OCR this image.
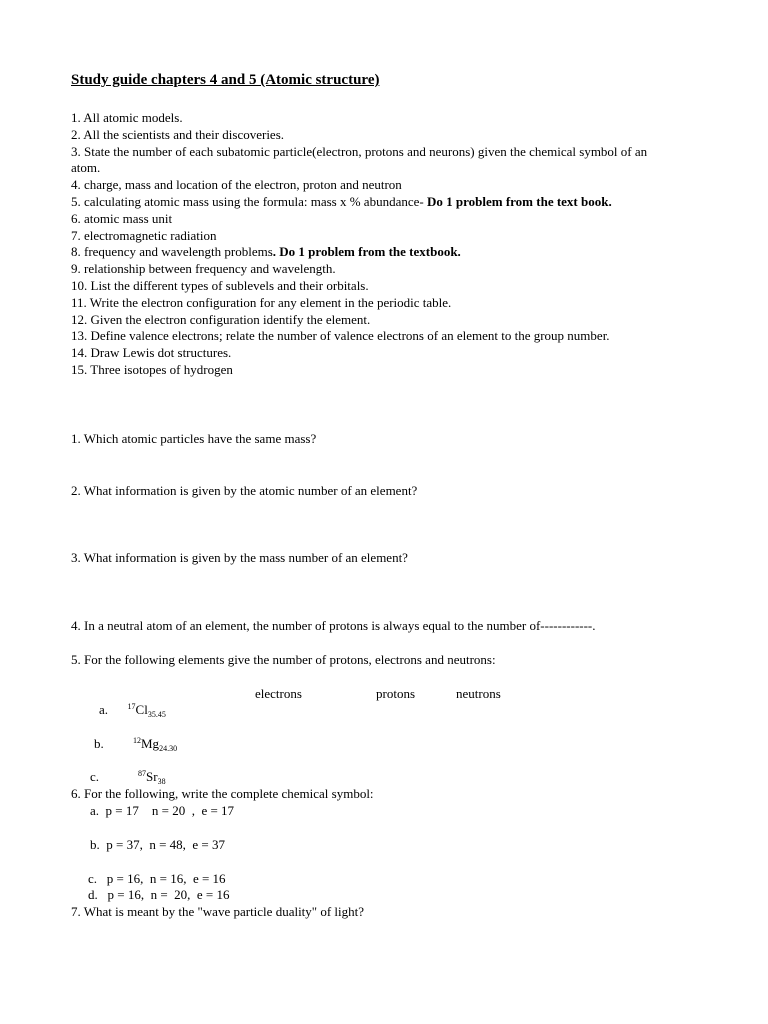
Study guide chapters 4 and 5 (Atomic structure)
1. All atomic models.
2. All the scientists and their discoveries.
3. State the number of each subatomic particle(electron, protons and neurons) given the chemical symbol of an atom.
4. charge, mass and location of the electron, proton and neutron
5. calculating atomic mass using the formula: mass x % abundance- Do 1 problem from the text book.
6. atomic mass unit
7. electromagnetic radiation
8. frequency and wavelength problems. Do 1 problem from the textbook.
9. relationship between frequency and wavelength.
10. List the different types of sublevels and their orbitals.
11. Write the electron configuration for any element in the periodic table.
12. Given the electron configuration identify the element.
13. Define valence electrons; relate the number of valence electrons of an element to the group number.
14. Draw Lewis dot structures.
15. Three isotopes of hydrogen
1. Which atomic particles have the same mass?
2. What information is given by the atomic number of an element?
3. What information is given by the mass number of an element?
4. In a neutral atom of an element, the number of protons is always equal to the number of------------.
5. For the following elements give the number of protons, electrons and neutrons:
electrons	protons	neutrons
a. $^{17}Cl_{35.45}$
b.	$^{12}Mg_{24.30}$
c.	$^{87}Sr_{38}$
6. For the following, write the complete chemical symbol:
a. p = 17    n = 20  ,  e = 17
b. p = 37,  n = 48,  e = 37
c. p = 16,  n = 16,  e = 16
d. p = 16,  n =  20,  e = 16
7. What is meant by the "wave particle duality" of light?
